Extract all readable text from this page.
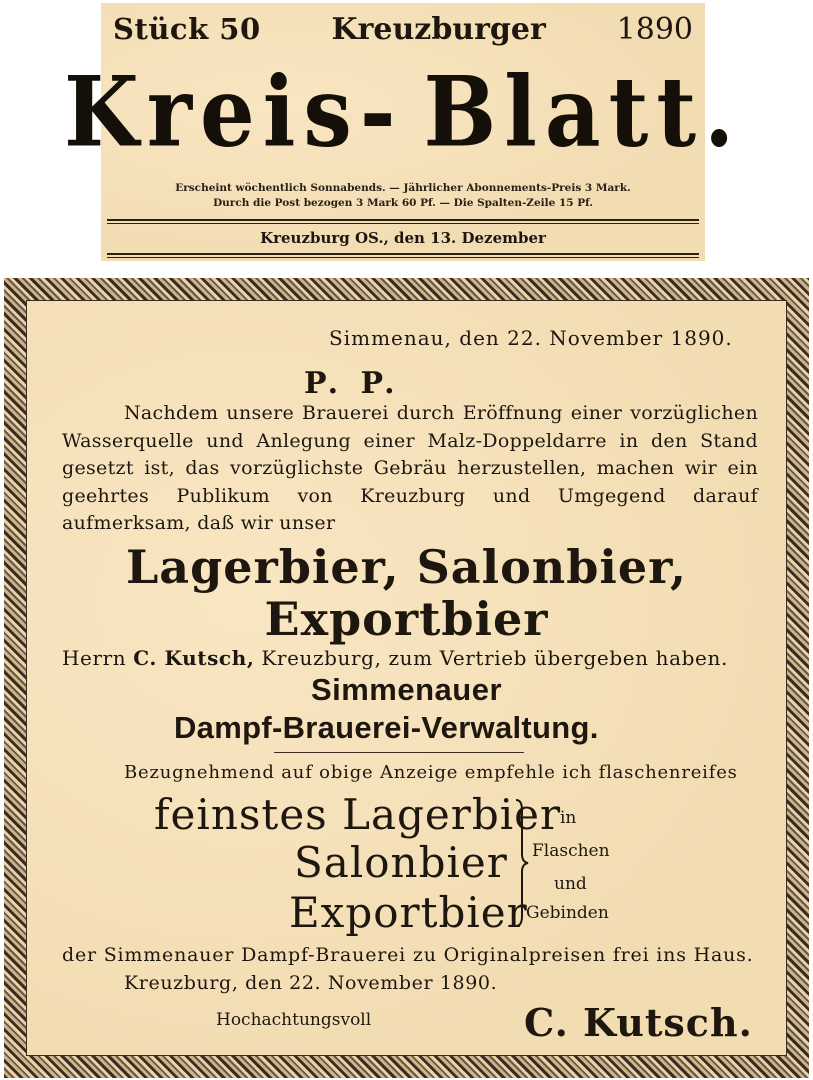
Stück 50 Kreuzburger 1890
Kreis- Blatt.
Erscheint wöchentlich Sonnabends. — Jährlicher Abonnements-Preis 3 Mark.
Durch die Post bezogen 3 Mark 60 Pf. — Die Spalten-Zeile 15 Pf.
Kreuzburg OS., den 13. Dezember
Simmenau, den 22. November 1890.
P. P.
Nachdem unsere Brauerei durch Eröffnung einer vorzüglichen Wasserquelle und Anlegung einer Malz-Doppeldarre in den Stand gesetzt ist, das vorzüglichste Gebräu herzustellen, machen wir ein geehrtes Publikum von Kreuzburg und Umgegend darauf aufmerksam, daß wir unser
Lagerbier, Salonbier,
Exportbier
Herrn C. Kutsch, Kreuzburg, zum Vertrieb übergeben haben.
Simmenauer
Dampf-Brauerei-Verwaltung.
Bezugnehmend auf obige Anzeige empfehle ich flaschenreifes
feinstes Lagerbier
Salonbier
Exportbier
in
Flaschen
und
Gebinden
der Simmenauer Dampf-Brauerei zu Originalpreisen frei ins Haus.
Kreuzburg, den 22. November 1890.
Hochachtungsvoll	C. Kutsch.
